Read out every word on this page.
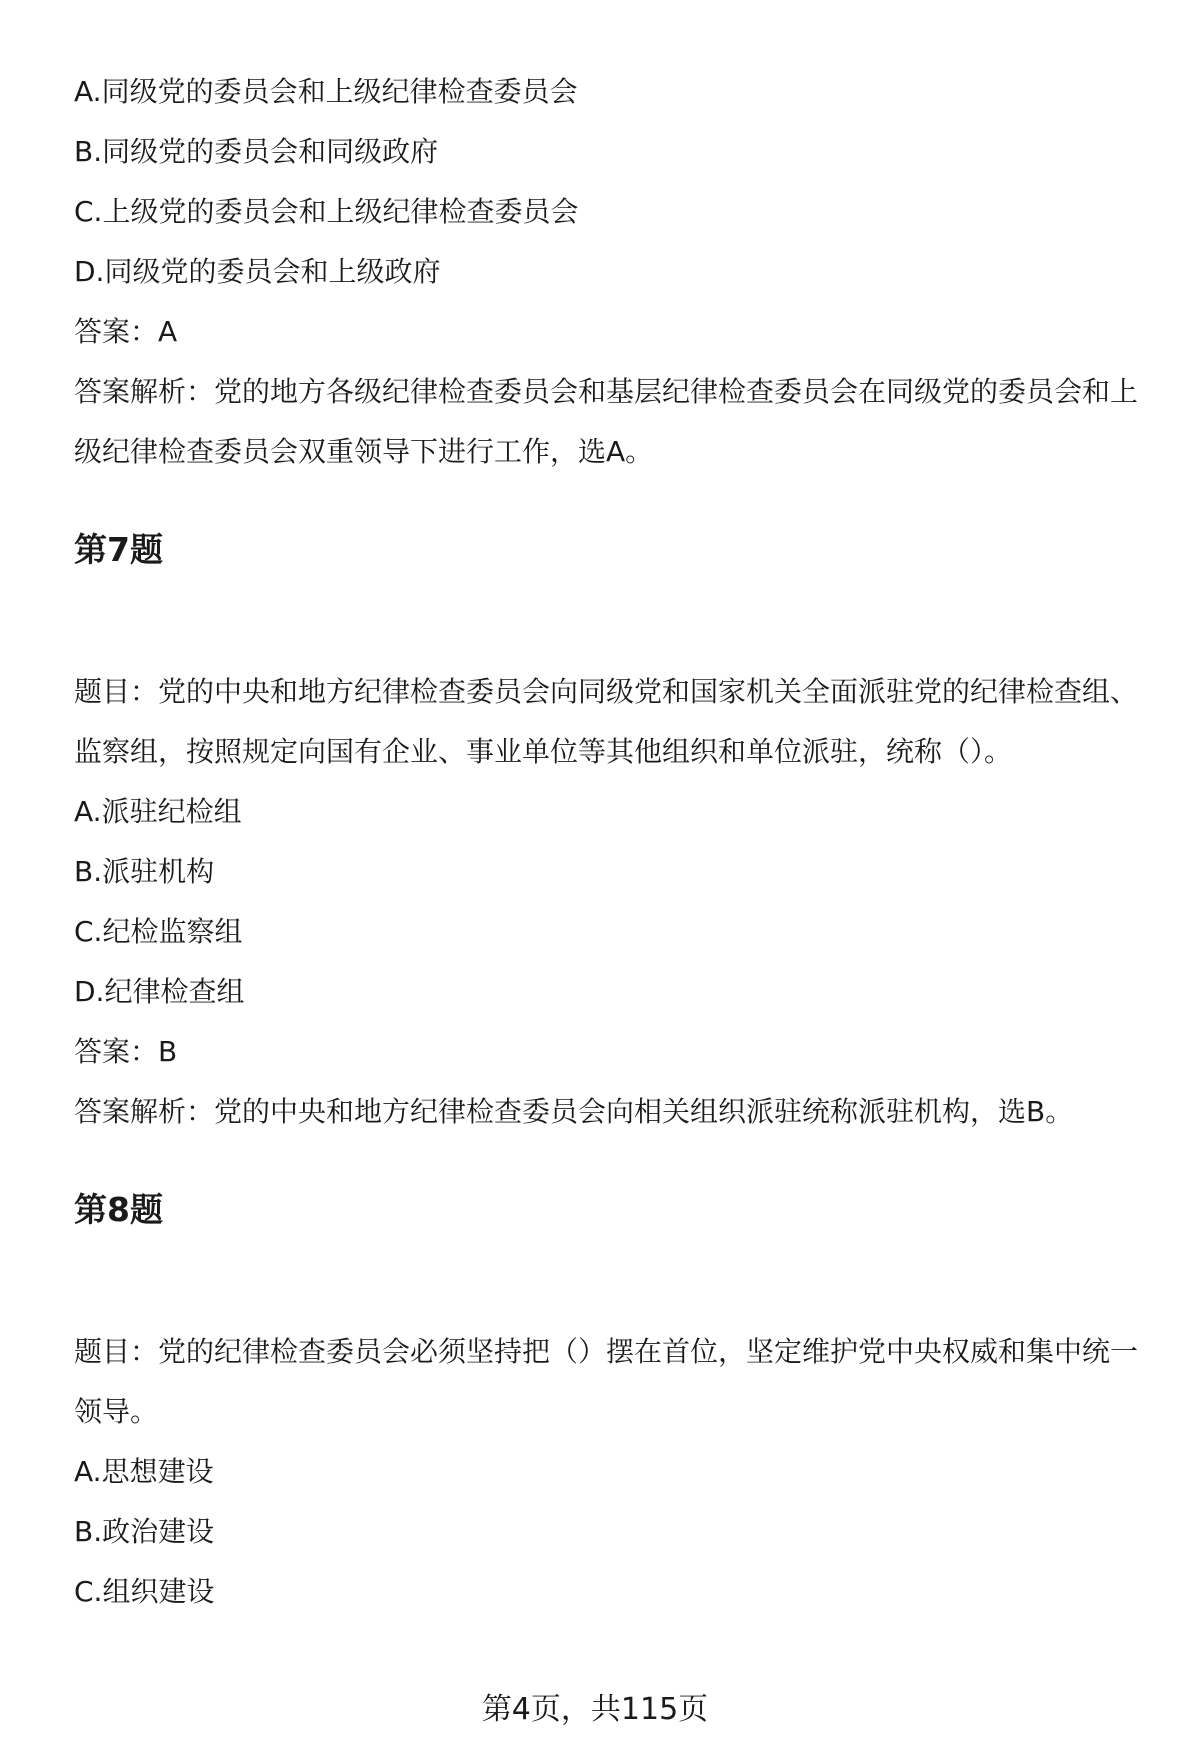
A.同级党的委员会和上级纪律检查委员会
B.同级党的委员会和同级政府
C.上级党的委员会和上级纪律检查委员会
D.同级党的委员会和上级政府
答案：A
答案解析：党的地方各级纪律检查委员会和基层纪律检查委员会在同级党的委员会和上级纪律检查委员会双重领导下进行工作，选A。
第7题
题目：党的中央和地方纪律检查委员会向同级党和国家机关全面派驻党的纪律检查组、监察组，按照规定向国有企业、事业单位等其他组织和单位派驻，统称（）。
A.派驻纪检组
B.派驻机构
C.纪检监察组
D.纪律检查组
答案：B
答案解析：党的中央和地方纪律检查委员会向相关组织派驻统称派驻机构，选B。
第8题
题目：党的纪律检查委员会必须坚持把（）摆在首位，坚定维护党中央权威和集中统一领导。
A.思想建设
B.政治建设
C.组织建设
第4页，共115页
